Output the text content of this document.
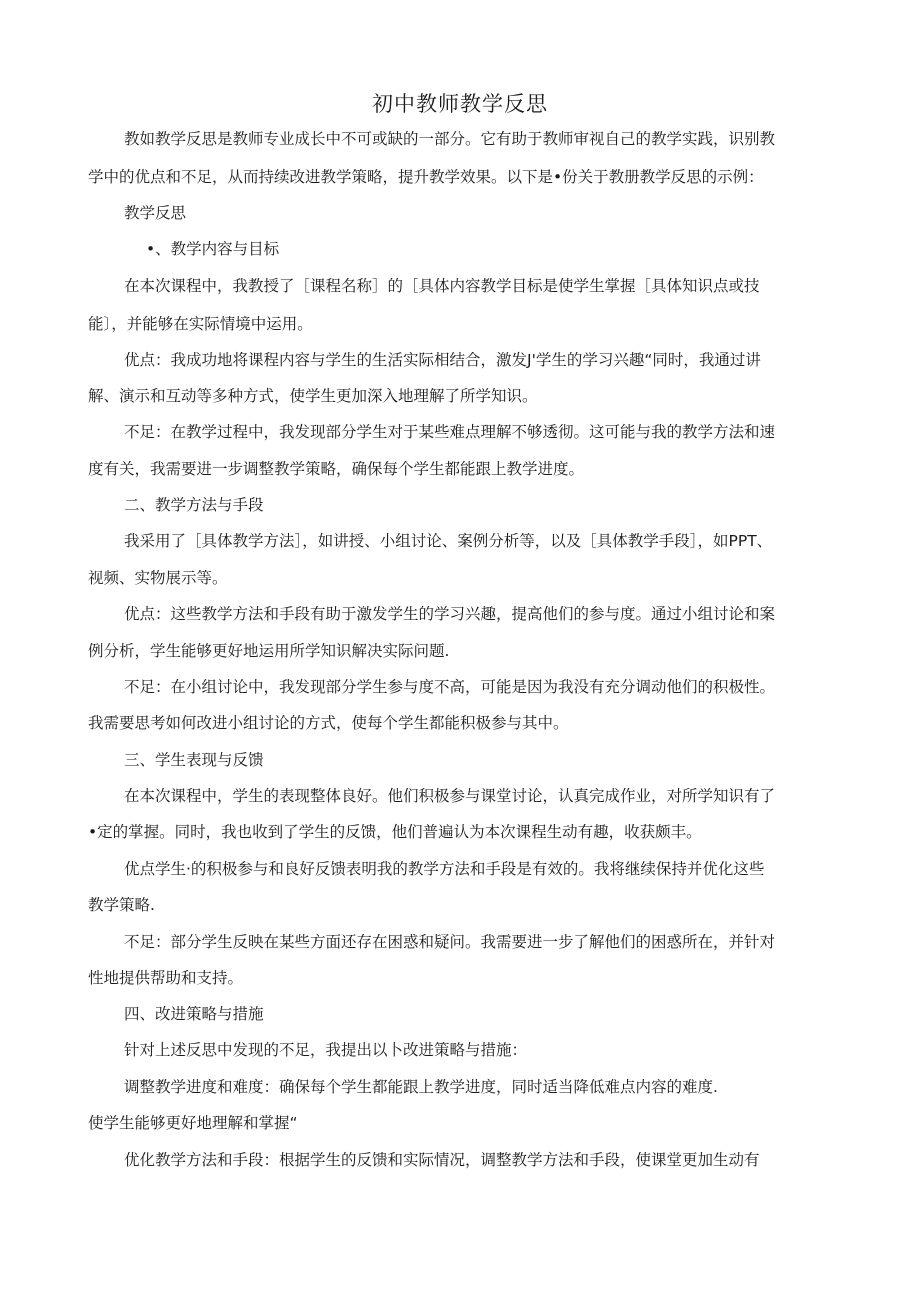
初中教师教学反思

教如教学反思是教师专业成长中不可或缺的一部分。它有助于教师审视自己的教学实践，识别教

学中的优点和不足，从而持续改进教学策略，提升教学效果。以下是•份关于教册教学反思的示例：

教学反思

•、教学内容与目标

在本次课程中，我教授了［课程名称］的［具体内容教学目标是使学生掌握［具体知识点或技

能〕，并能够在实际情境中运用。

优点：我成功地将课程内容与学生的生活实际相结合，激发J'学生的学习兴趣“同时，我通过讲

解、演示和互动等多种方式，使学生更加深入地理解了所学知识。

不足：在教学过程中，我发现部分学生对于某些难点理解不够透彻。这可能与我的教学方法和速

度有关，我需要进一步调整教学策略，确保每个学生都能跟上教学进度。

二、教学方法与手段

我采用了［具体教学方法］，如讲授、小组讨论、案例分析等，以及［具体教学手段］，如PPT、

视频、实物展示等。

优点：这些教学方法和手段有助于激发学生的学习兴趣，提高他们的参与度。通过小组讨论和案

例分析，学生能够更好地运用所学知识解决实际问题.

不足：在小组讨论中，我发现部分学生参与度不高，可能是因为我没有充分调动他们的积极性。

我需要思考如何改进小组讨论的方式，使每个学生都能积极参与其中。

三、学生表现与反馈

在本次课程中，学生的表现整体良好。他们积极参与课堂讨论，认真完成作业，对所学知识有了

•定的掌握。同时，我也收到了学生的反馈，他们普遍认为本次课程生动有趣，收获颇丰。

优点学生·的积极参与和良好反馈表明我的教学方法和手段是有效的。我将继续保持并优化这些

教学策略.

不足：部分学生反映在某些方面还存在困惑和疑问。我需要进一步了解他们的困惑所在，并针对

性地提供帮助和支持。

四、改进策略与措施

针对上述反思中发现的不足，我提出以卜改进策略与措施：

调整教学进度和难度：确保每个学生都能跟上教学进度，同时适当降低难点内容的难度.

使学生能够更好地理解和掌握“

优化教学方法和手段：根据学生的反馈和实际情况，调整教学方法和手段，使课堂更加生动有
